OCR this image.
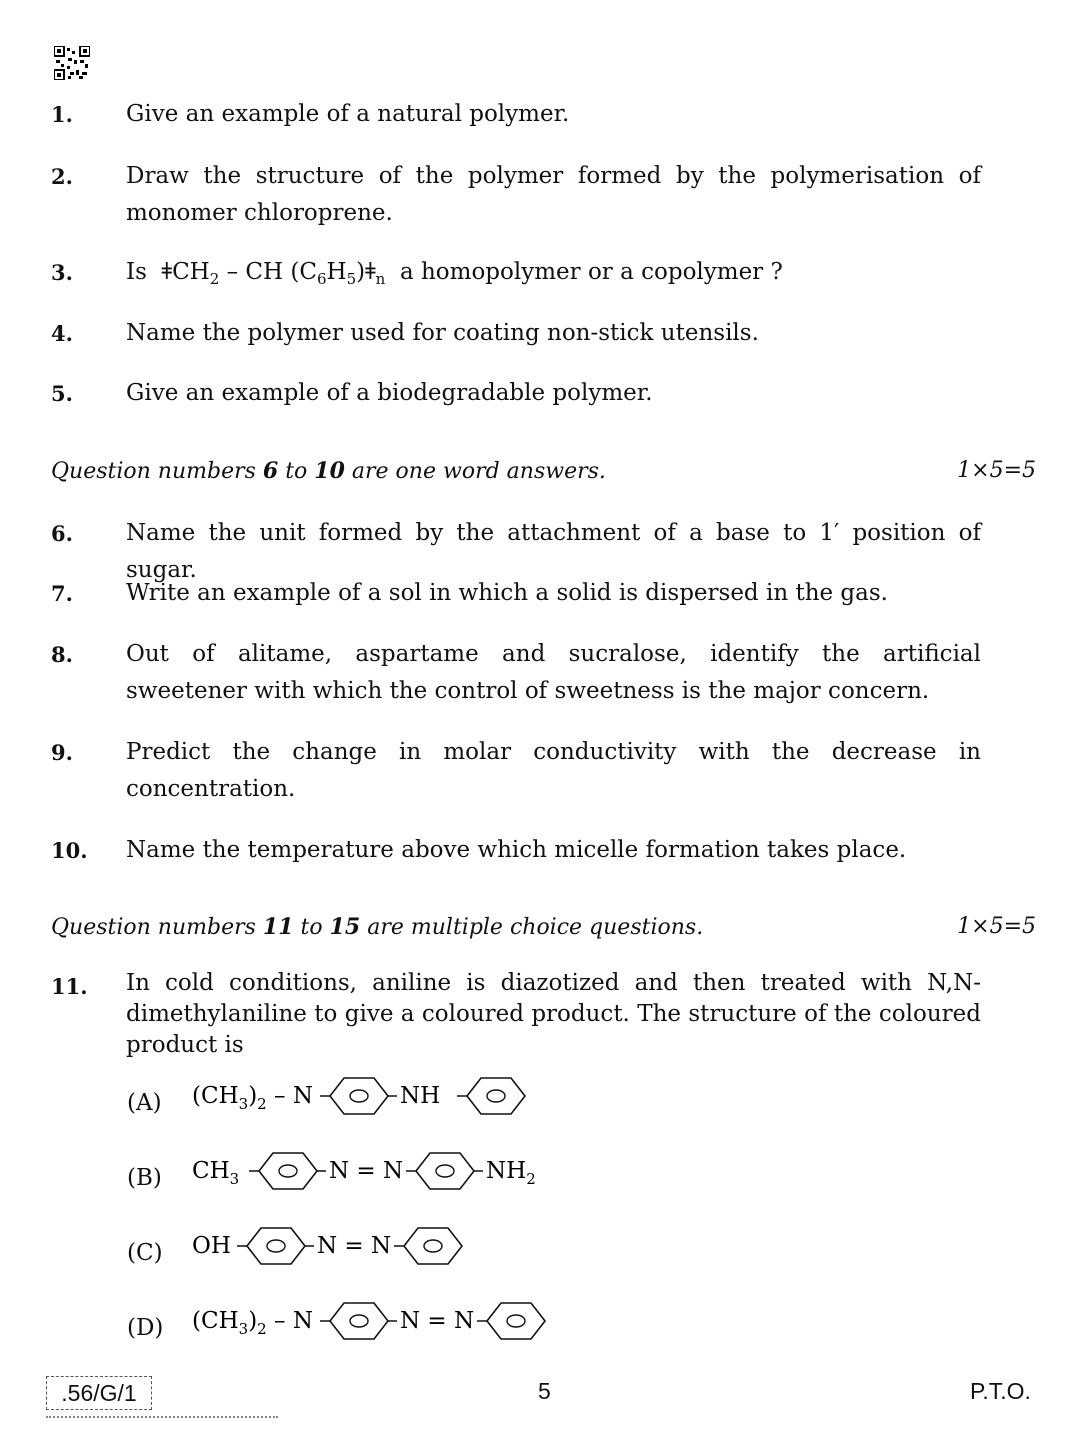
1. Give an example of a natural polymer.
2. Draw the structure of the polymer formed by the polymerisation of monomer chloroprene.
3. Is $ǂCH_2$ – CH $(C_6H_5)ǂ_n$ a homopolymer or a copolymer ?
4. Name the polymer used for coating non-stick utensils.
5. Give an example of a biodegradable polymer.
Question numbers 6 to 10 are one word answers.	1×5=5
6. Name the unit formed by the attachment of a base to 1′ position of sugar.
7. Write an example of a sol in which a solid is dispersed in the gas.
8. Out of alitame, aspartame and sucralose, identify the artificial sweetener with which the control of sweetness is the major concern.
9. Predict the change in molar conductivity with the decrease in concentration.
10. Name the temperature above which micelle formation takes place.
Question numbers 11 to 15 are multiple choice questions.	1×5=5
11. In cold conditions, aniline is diazotized and then treated with N,N-dimethylaniline to give a coloured product. The structure of the coloured product is
(A) $(CH_3)_2$ – N	NH
(B) $CH_3$	N = N	$NH_2$
(C) OH	N = N
(D) $(CH_3)_2$ – N	N = N
.56/G/1	5	P.T.O.
